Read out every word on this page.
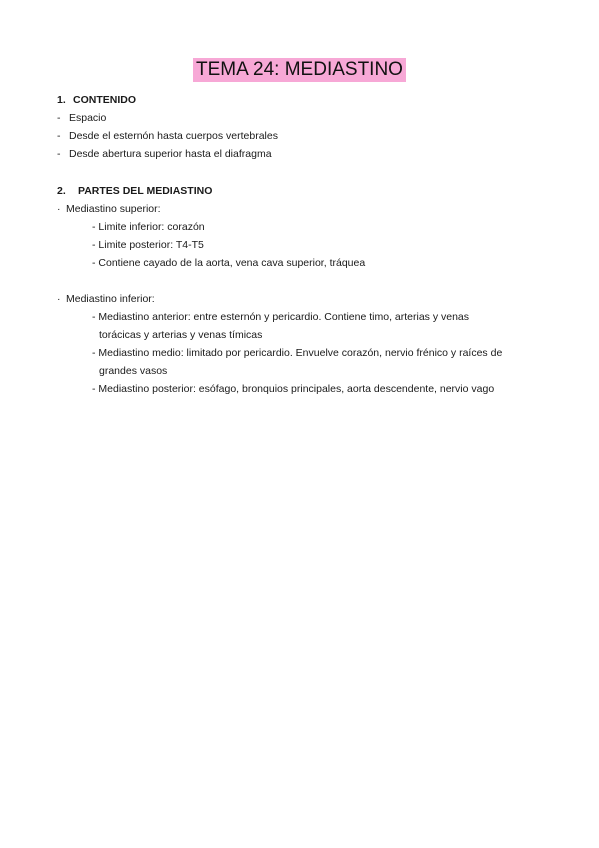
TEMA 24: MEDIASTINO
1. CONTENIDO
- Espacio
- Desde el esternón hasta cuerpos vertebrales
- Desde abertura superior hasta el diafragma
2. PARTES DEL MEDIASTINO
· Mediastino superior:
- Limite inferior: corazón
- Limite posterior: T4-T5
- Contiene cayado de la aorta, vena cava superior, tráquea
· Mediastino inferior:
- Mediastino anterior: entre esternón y pericardio. Contiene timo, arterias y venas
torácicas y arterias y venas tímicas
- Mediastino medio: limitado por pericardio. Envuelve corazón, nervio frénico y raíces de
grandes vasos
- Mediastino posterior: esófago, bronquios principales, aorta descendente, nervio vago
